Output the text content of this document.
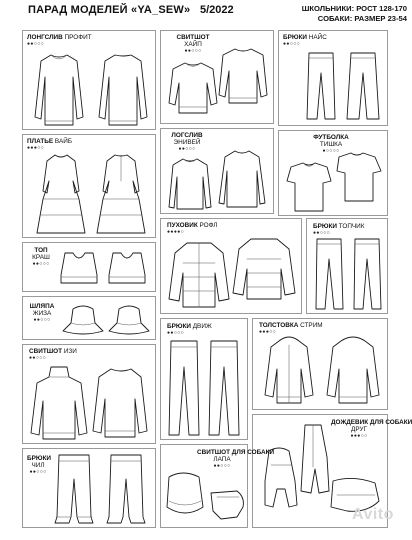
ПАРАД МОДЕЛЕЙ «YA_SEW» 5/2022	ШКОЛЬНИКИ: РОСТ 128-170
СОБАКИ: РАЗМЕР 23-54
ЛОНГСЛИВ ПРОФИТ
●●○○○
СВИТШОТ
ХАЙП
●●○○○
БРЮКИ НАЙС
●●○○○
ПЛАТЬЕ ВАЙБ
●●●○○
ЛОГСЛИВ
ЭНИВЕЙ
●●○○○
ФУТБОЛКА
ТИШКА
●○○○○
ТОП
КРАШ
●●○○○
ПУХОВИК РОФЛ
●●●●○
БРЮКИ ТОПЧИК
●●○○○
ШЛЯПА
ЖИЗА
●●○○○
БРЮКИ ДВИЖ
●●○○○
ТОЛСТОВКА СТРИМ
●●●○○
СВИТШОТ ИЗИ
●●○○○
ДОЖДЕВИК ДЛЯ СОБАКИ
ДРУГ
●●●○○
БРЮКИ
ЧИЛ
●●○○○
СВИТШОТ ДЛЯ СОБАКИ
ЛАПА
●●○○○
Avito
